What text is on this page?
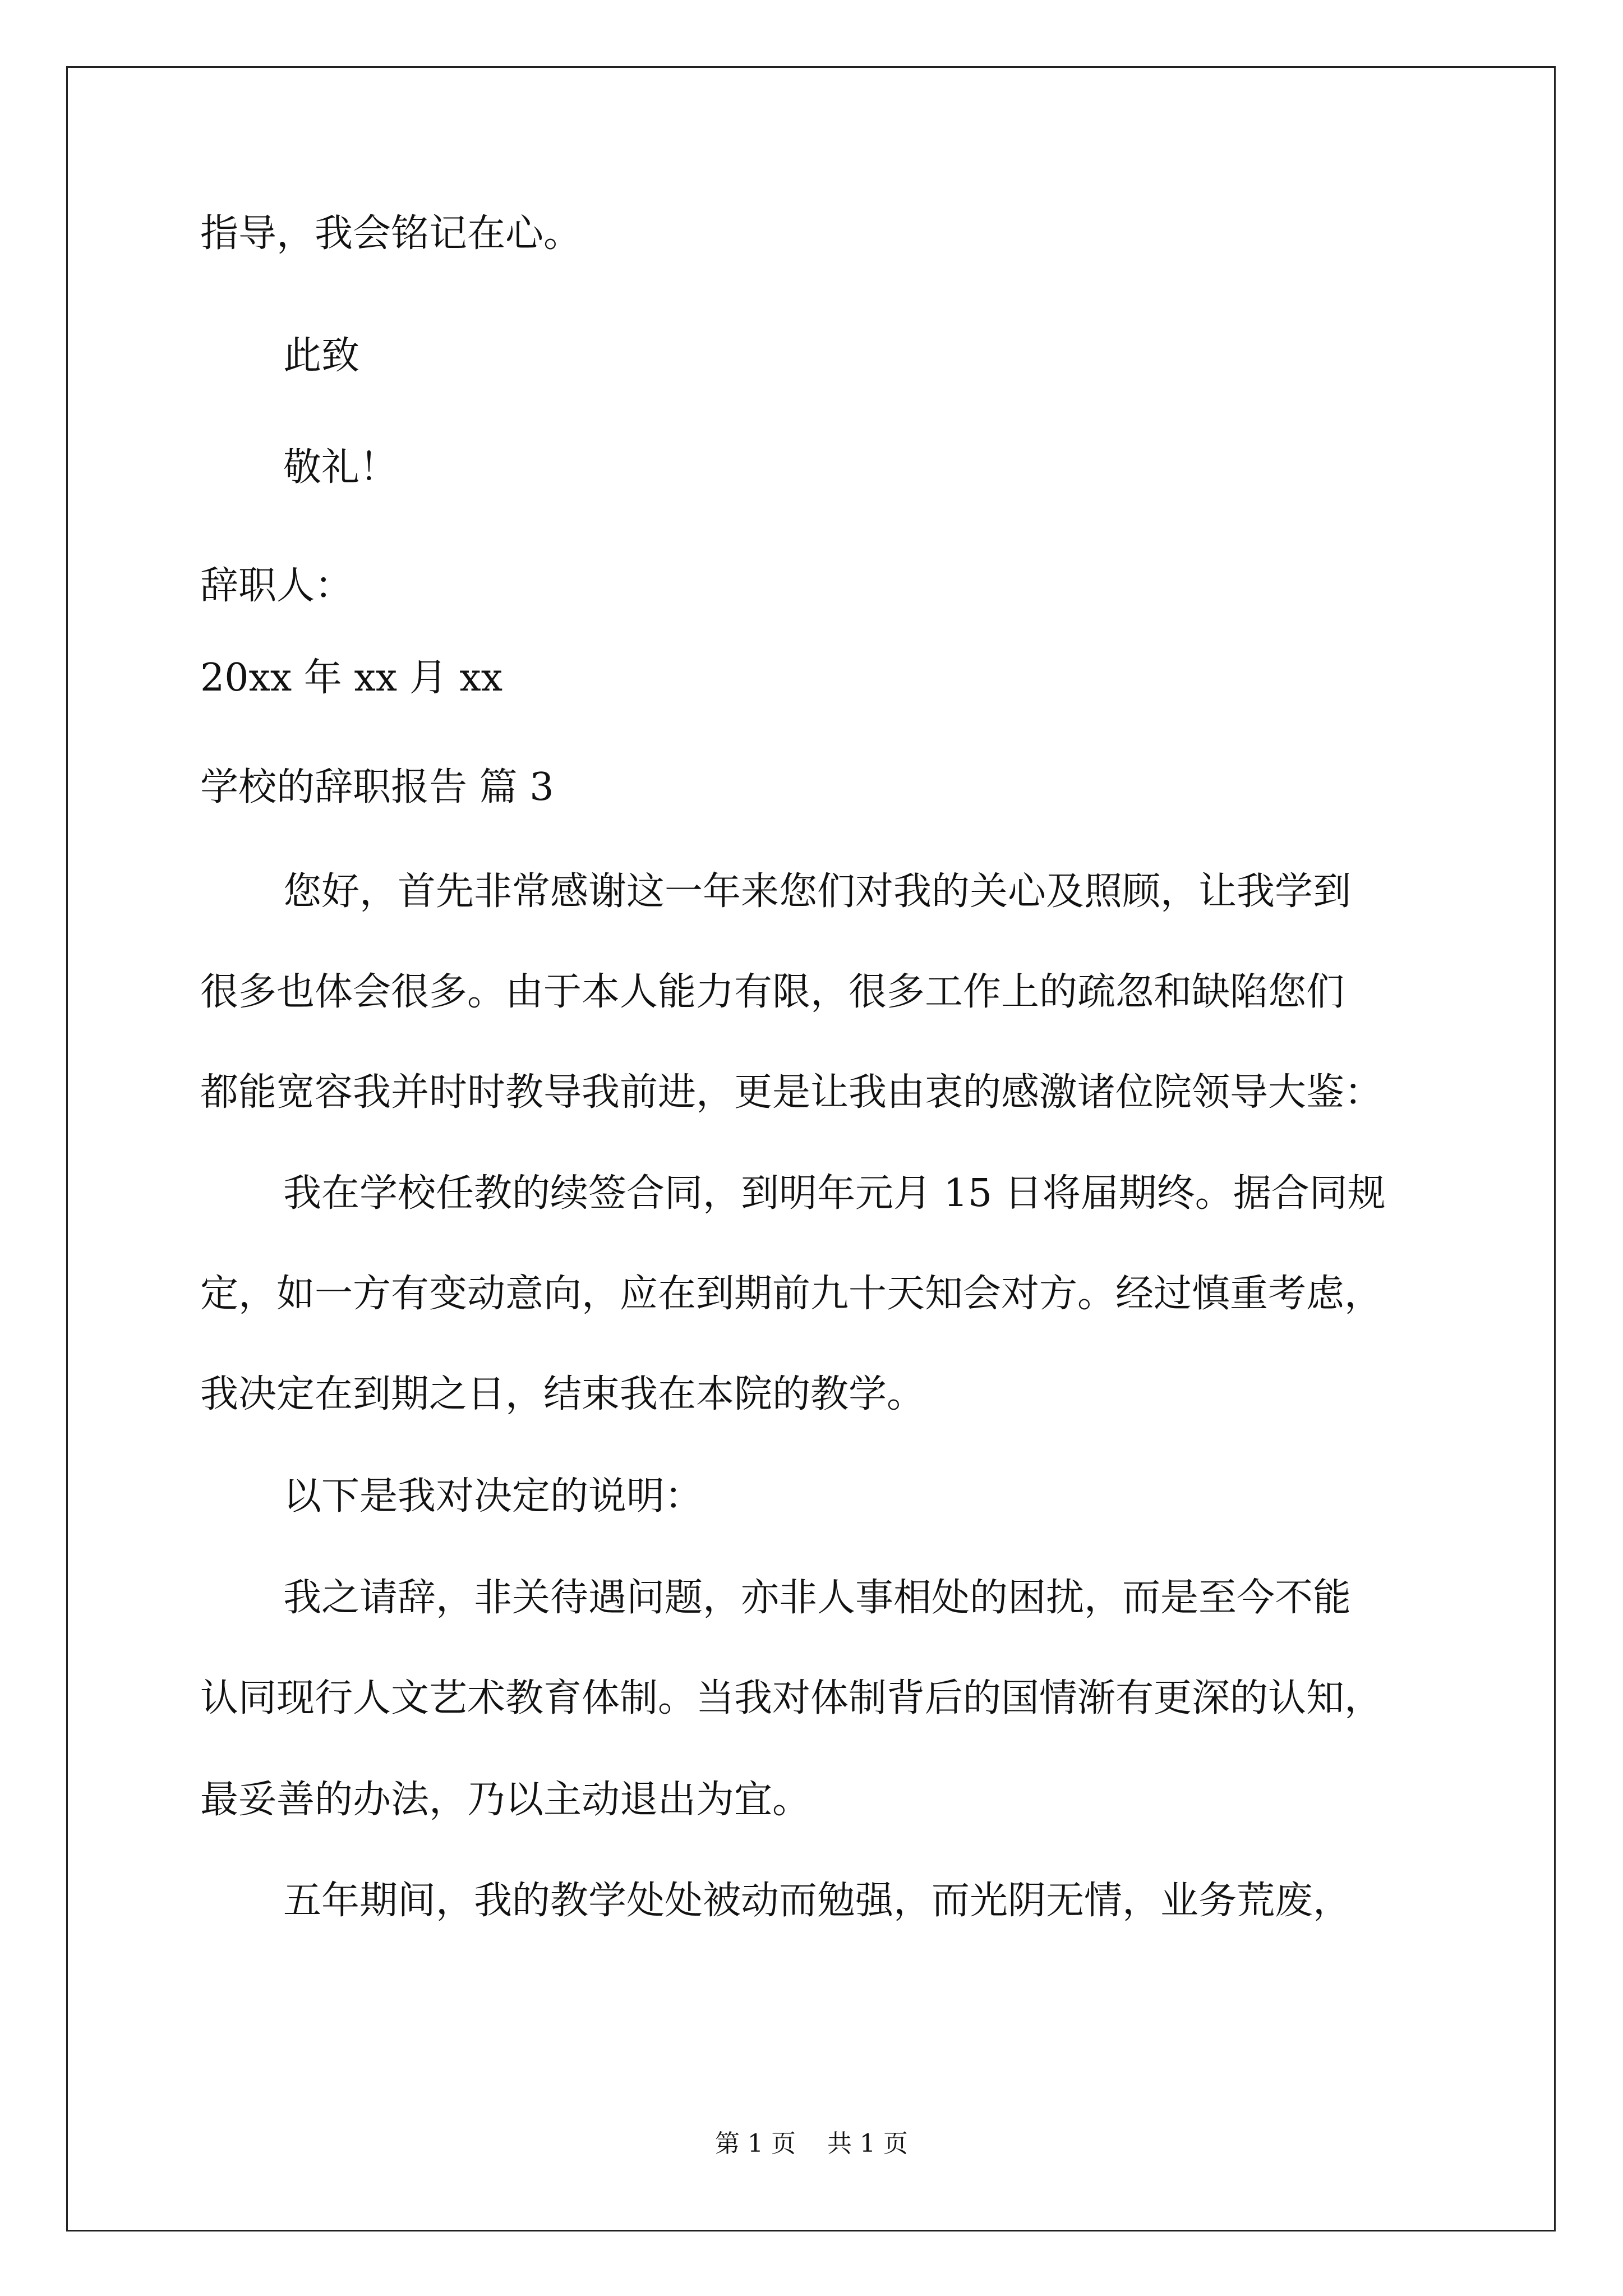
指导，我会铭记在心。
此致
敬礼！
辞职人：
20xx 年 xx 月 xx
学校的辞职报告 篇 3
您好，首先非常感谢这一年来您们对我的关心及照顾，让我学到
很多也体会很多。由于本人能力有限，很多工作上的疏忽和缺陷您们
都能宽容我并时时教导我前进，更是让我由衷的感激诸位院领导大鉴：
我在学校任教的续签合同，到明年元月 15 日将届期终。据合同规
定，如一方有变动意向，应在到期前九十天知会对方。经过慎重考虑，
我决定在到期之日，结束我在本院的教学。
以下是我对决定的说明：
我之请辞，非关待遇问题，亦非人事相处的困扰，而是至今不能
认同现行人文艺术教育体制。当我对体制背后的国情渐有更深的认知，
最妥善的办法，乃以主动退出为宜。
五年期间，我的教学处处被动而勉强，而光阴无情，业务荒废，
第 1 页    共 1 页
